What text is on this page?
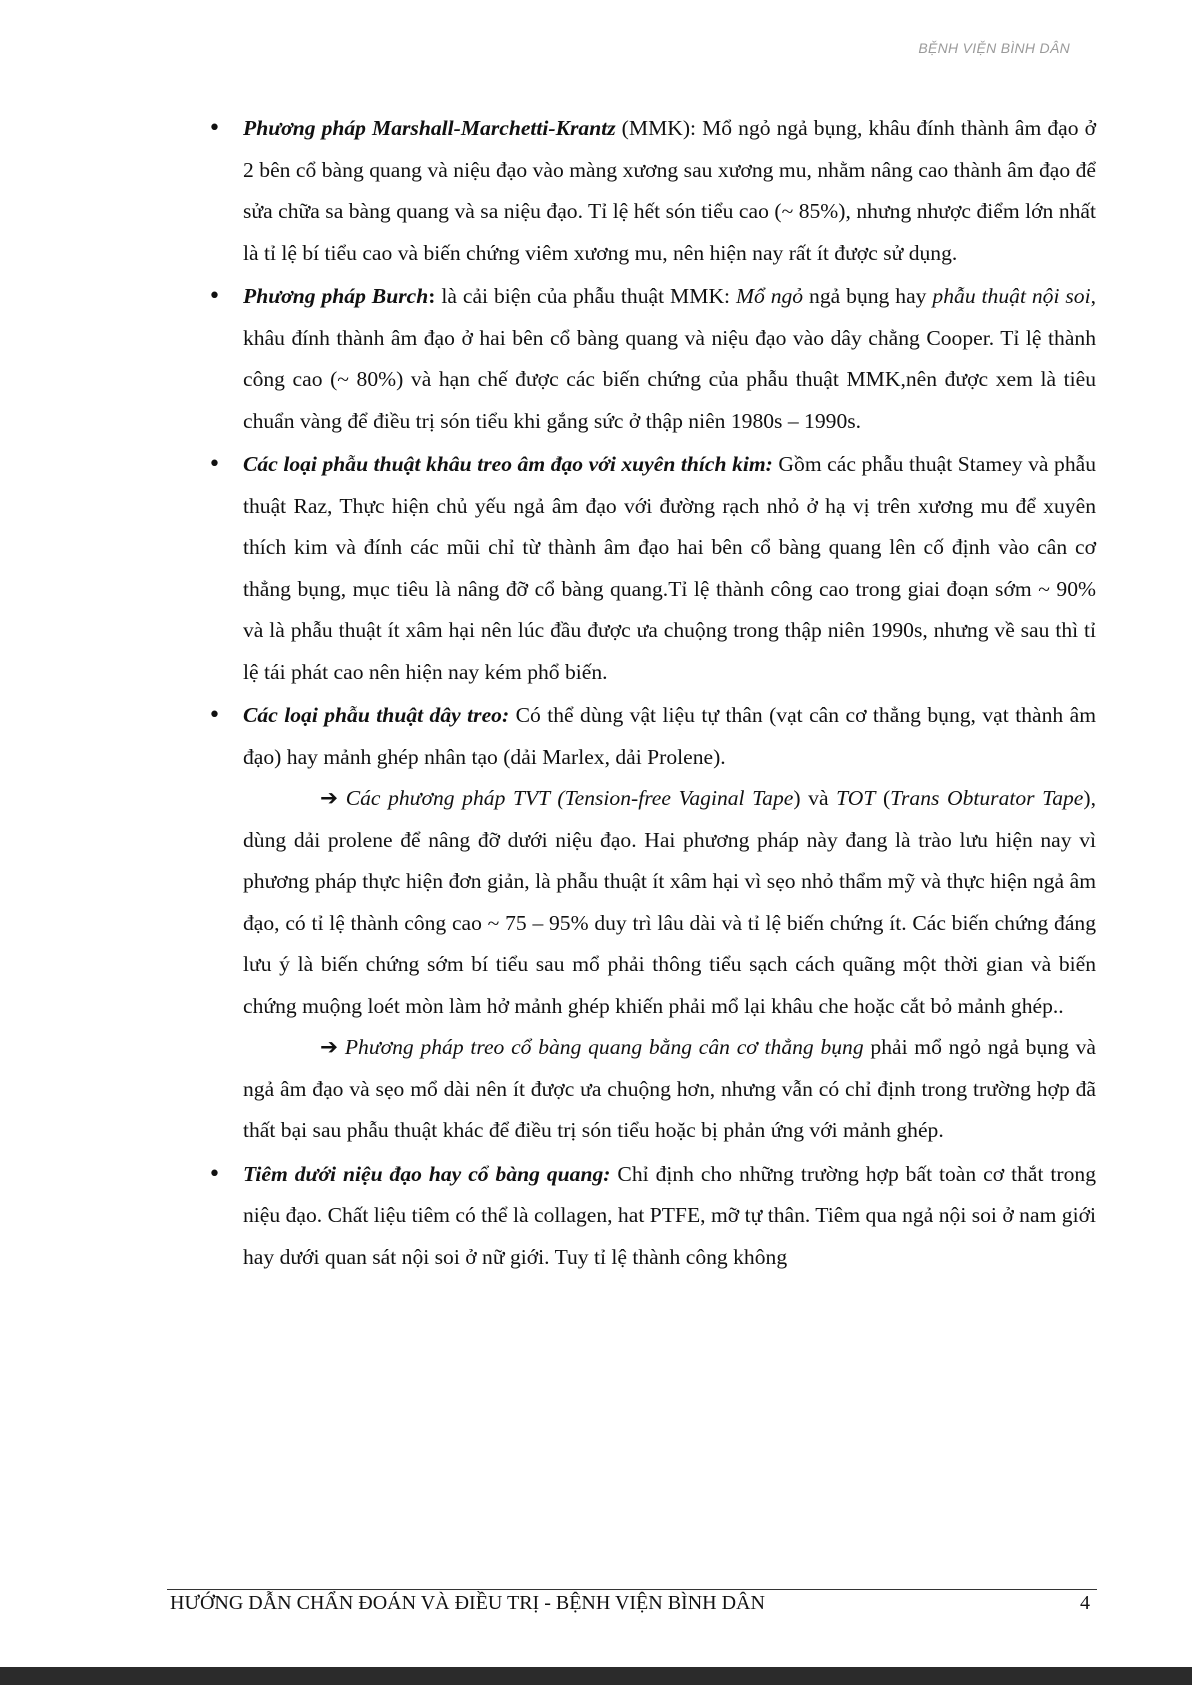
BỆNH VIỆN BÌNH DÂN

• Phương pháp Marshall-Marchetti-Krantz (MMK): Mổ ngỏ ngả bụng, khâu đính thành âm đạo ở 2 bên cổ bàng quang và niệu đạo vào màng xương sau xương mu, nhằm nâng cao thành âm đạo để sửa chữa sa bàng quang và sa niệu đạo. Tỉ lệ hết són tiểu cao (~ 85%), nhưng nhược điểm lớn nhất là tỉ lệ bí tiểu cao và biến chứng viêm xương mu, nên hiện nay rất ít được sử dụng.

• Phương pháp Burch: là cải biện của phẫu thuật MMK: Mổ ngỏ ngả bụng hay phẫu thuật nội soi, khâu đính thành âm đạo ở hai bên cổ bàng quang và niệu đạo vào dây chằng Cooper. Tỉ lệ thành công cao (~ 80%) và hạn chế được các biến chứng của phẫu thuật MMK,nên được xem là tiêu chuẩn vàng để điều trị són tiểu khi gắng sức ở thập niên 1980s – 1990s.

• Các loại phẫu thuật khâu treo âm đạo với xuyên thích kim: Gồm các phẫu thuật Stamey và phẫu thuật Raz, Thực hiện chủ yếu ngả âm đạo với đường rạch nhỏ ở hạ vị trên xương mu để xuyên thích kim và đính các mũi chỉ từ thành âm đạo hai bên cổ bàng quang lên cố định vào cân cơ thẳng bụng, mục tiêu là nâng đỡ cổ bàng quang.Tỉ lệ thành công cao trong giai đoạn sớm ~ 90% và là phẫu thuật ít xâm hại nên lúc đầu được ưa chuộng trong thập niên 1990s, nhưng về sau thì tỉ lệ tái phát cao nên hiện nay kém phổ biến.

• Các loại phẫu thuật dây treo: Có thể dùng vật liệu tự thân (vạt cân cơ thẳng bụng, vạt thành âm đạo) hay mảnh ghép nhân tạo (dải Marlex, dải Prolene).

➔ Các phương pháp TVT (Tension-free Vaginal Tape) và TOT (Trans Obturator Tape), dùng dải prolene để nâng đỡ dưới niệu đạo. Hai phương pháp này đang là trào lưu hiện nay vì phương pháp thực hiện đơn giản, là phẫu thuật ít xâm hại vì sẹo nhỏ thẩm mỹ và thực hiện ngả âm đạo, có tỉ lệ thành công cao ~ 75 – 95% duy trì lâu dài và tỉ lệ biến chứng ít. Các biến chứng đáng lưu ý là biến chứng sớm bí tiểu sau mổ phải thông tiểu sạch cách quãng một thời gian và biến chứng muộng loét mòn làm hở mảnh ghép khiến phải mổ lại khâu che hoặc cắt bỏ mảnh ghép..

➔ Phương pháp treo cổ bàng quang bằng cân cơ thẳng bụng phải mổ ngỏ ngả bụng và ngả âm đạo và sẹo mổ dài nên ít được ưa chuộng hơn, nhưng vẫn có chỉ định trong trường hợp đã thất bại sau phẫu thuật khác để điều trị són tiểu hoặc bị phản ứng với mảnh ghép.

• Tiêm dưới niệu đạo hay cổ bàng quang: Chỉ định cho những trường hợp bất toàn cơ thắt trong niệu đạo. Chất liệu tiêm có thể là collagen, hat PTFE, mỡ tự thân. Tiêm qua ngả nội soi ở nam giới hay dưới quan sát nội soi ở nữ giới. Tuy tỉ lệ thành công không

HƯỚNG DẪN CHẨN ĐOÁN VÀ ĐIỀU TRỊ - BỆNH VIỆN BÌNH DÂN	4
